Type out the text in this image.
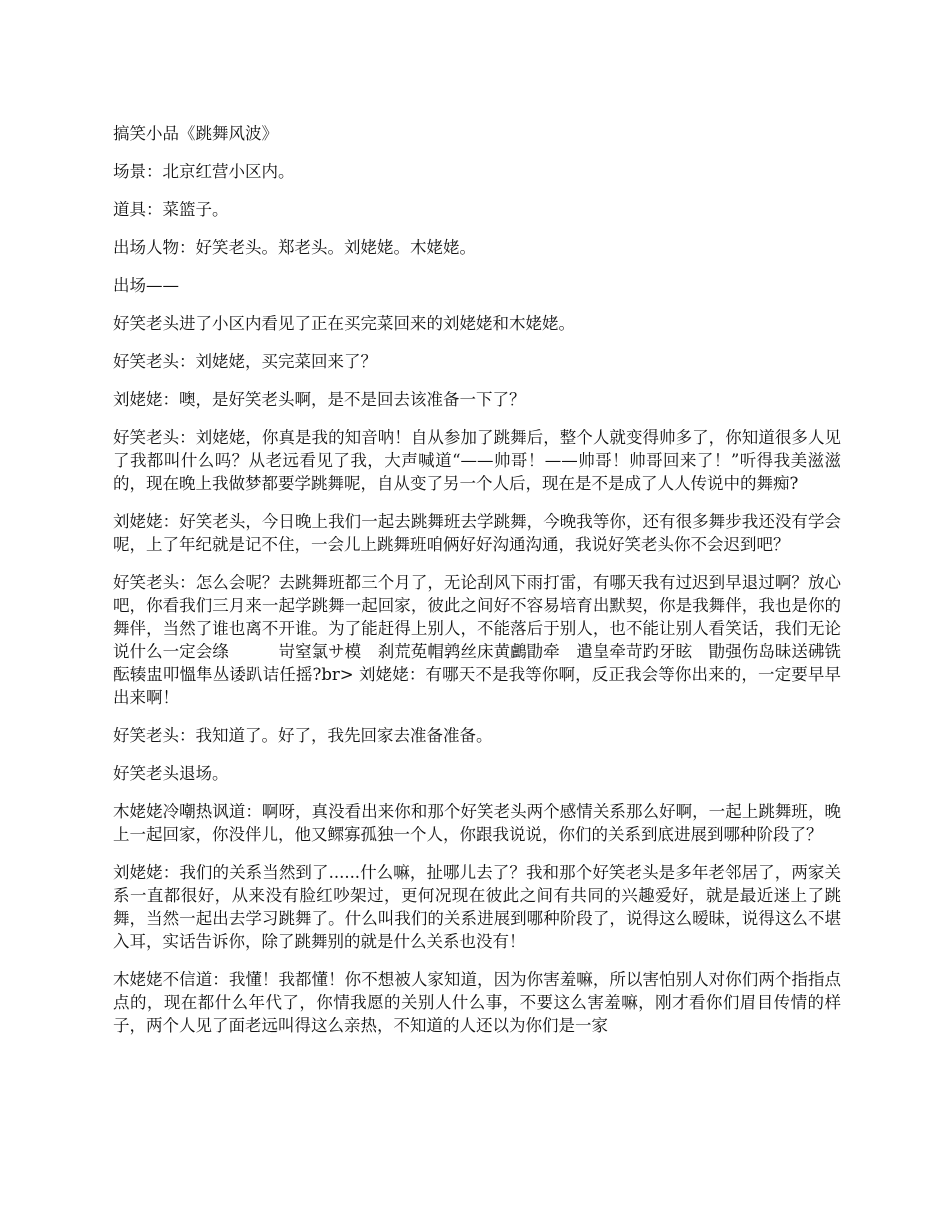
搞笑小品《跳舞风波》

场景：北京红营小区内。

道具：菜篮子。

出场人物：好笑老头。郑老头。刘姥姥。木姥姥。

出场——

好笑老头进了小区内看见了正在买完菜回来的刘姥姥和木姥姥。

好笑老头：刘姥姥，买完菜回来了？

刘姥姥：噢，是好笑老头啊，是不是回去该准备一下了？

好笑老头：刘姥姥，你真是我的知音呐！自从参加了跳舞后，整个人就变得帅多了，你知道很多人见了我都叫什么吗？从老远看见了我，大声喊道“——帅哥！——帅哥！帅哥回来了！”听得我美滋滋的，现在晚上我做梦都要学跳舞呢，自从变了另一个人后，现在是不是成了人人传说中的舞痴?

刘姥姥：好笑老头，今日晚上我们一起去跳舞班去学跳舞，今晚我等你，还有很多舞步我还没有学会呢，上了年纪就是记不住，一会儿上跳舞班咱俩好好沟通沟通，我说好笑老头你不会迟到吧？

好笑老头：怎么会呢？去跳舞班都三个月了，无论刮风下雨打雷，有哪天我有过迟到早退过啊？放心吧，你看我们三月来一起学跳舞一起回家，彼此之间好不容易培育出默契，你是我舞伴，我也是你的舞伴，当然了谁也离不开谁。为了能赶得上别人，不能落后于别人，也不能让别人看笑话，我们无论说什么一定会绦　　　岢窒氯サ模　刹荒莬帽鹑丝床黄鸕勖牵　遣皇牵苛趵牙眩　勖强伤岛昧送砩铣酝辏盅叩慍隼丛诿趴诘任摇?br> 刘姥姥：有哪天不是我等你啊，反正我会等你出来的，一定要早早出来啊！

好笑老头：我知道了。好了，我先回家去准备准备。

好笑老头退场。

木姥姥冷嘲热讽道：啊呀，真没看出来你和那个好笑老头两个感情关系那么好啊，一起上跳舞班，晚上一起回家，你没伴儿，他又鳏寡孤独一个人，你跟我说说，你们的关系到底进展到哪种阶段了？

刘姥姥：我们的关系当然到了......什么嘛，扯哪儿去了？我和那个好笑老头是多年老邻居了，两家关系一直都很好，从来没有脸红吵架过，更何况现在彼此之间有共同的兴趣爱好，就是最近迷上了跳舞，当然一起出去学习跳舞了。什么叫我们的关系进展到哪种阶段了，说得这么暧昧，说得这么不堪入耳，实话告诉你，除了跳舞别的就是什么关系也没有！

木姥姥不信道：我懂！我都懂！你不想被人家知道，因为你害羞嘛，所以害怕别人对你们两个指指点点的，现在都什么年代了，你情我愿的关别人什么事，不要这么害羞嘛，刚才看你们眉目传情的样子，两个人见了面老远叫得这么亲热，不知道的人还以为你们是一家
